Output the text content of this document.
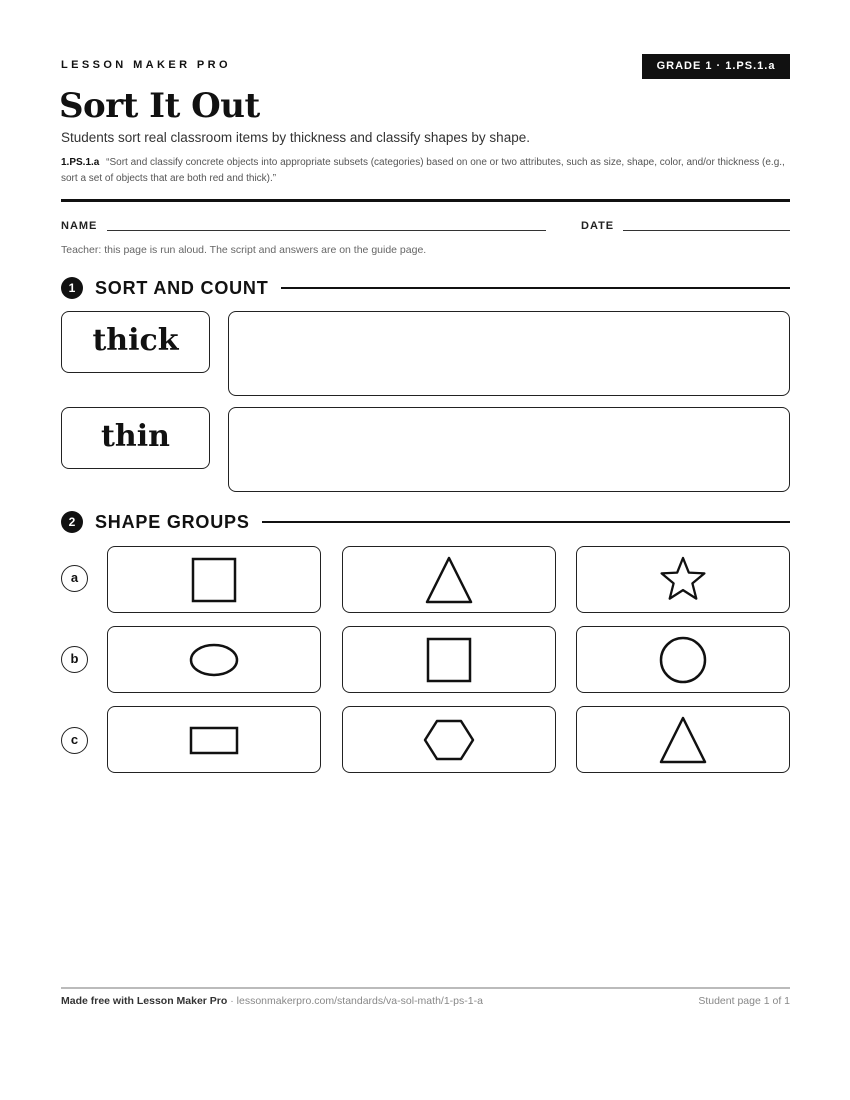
LESSON MAKER PRO	GRADE 1 · 1.PS.1.a
Sort It Out
Students sort real classroom items by thickness and classify shapes by shape.
1.PS.1.a “Sort and classify concrete objects into appropriate subsets (categories) based on one or two attributes, such as size, shape, color, and/or thickness (e.g., sort a set of objects that are both red and thick).”
NAME	DATE
Teacher: this page is run aloud. The script and answers are on the guide page.
1	SORT AND COUNT
thick
thin
2	SHAPE GROUPS
a
b
c
Made free with Lesson Maker Pro · lessonmakerpro.com/standards/va-sol-math/1-ps-1-a	Student page 1 of 1
